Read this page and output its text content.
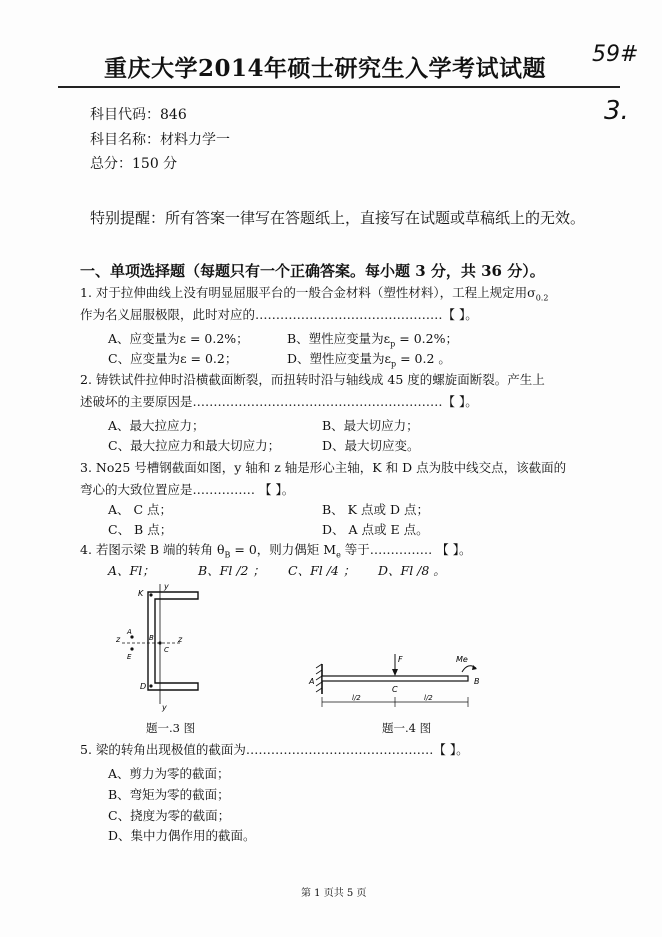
重庆大学2014年硕士研究生入学考试试题
59#
3.
科目代码：846
科目名称：材料力学一
总分：150 分
特别提醒：所有答案一律写在答题纸上，直接写在试题或草稿纸上的无效。
一、单项选择题（每题只有一个正确答案。每小题 3 分，共 36 分）。
1. 对于拉伸曲线上没有明显屈服平台的一般合金材料（塑性材料），工程上规定用$\sigma_{0.2}$
作为名义屈服极限，此时对应的………………………………………【 】。
A、应变量为ε = 0.2%；	B、塑性应变量为$\varepsilon_p = 0.2\%$；
C、应变量为ε = 0.2；	D、塑性应变量为$\varepsilon_p = 0.2$ 。
2. 铸铁试件拉伸时沿横截面断裂，而扭转时沿与轴线成 45 度的螺旋面断裂。产生上
述破坏的主要原因是……………………………………………………【 】。
A、最大拉应力；	B、最大切应力；
C、最大拉应力和最大切应力；	D、最大切应变。
3. No25 号槽钢截面如图，y 轴和 z 轴是形心主轴，K 和 D 点为肢中线交点，该截面的
弯心的大致位置应是…………… 【 】。
A、 C 点；	B、 K 点或 D 点；
C、 B 点；	D、 A 点或 E 点。
4. 若图示梁 B 端的转角 $\theta_B = 0$，则力偶矩 $M_e$ 等于…………… 【 】。
A、Fl；	B、Fl /2 ； C、Fl /4 ； D、Fl /8 。
y
y
K
D
z	z
A
E
B
C
题一.3 图
F	Me
A	B
C
l/2	l/2
题一.4 图
5. 梁的转角出现极值的截面为………………………………………【 】。
A、剪力为零的截面；
B、弯矩为零的截面；
C、挠度为零的截面；
D、集中力偶作用的截面。
第 1 页共 5 页
